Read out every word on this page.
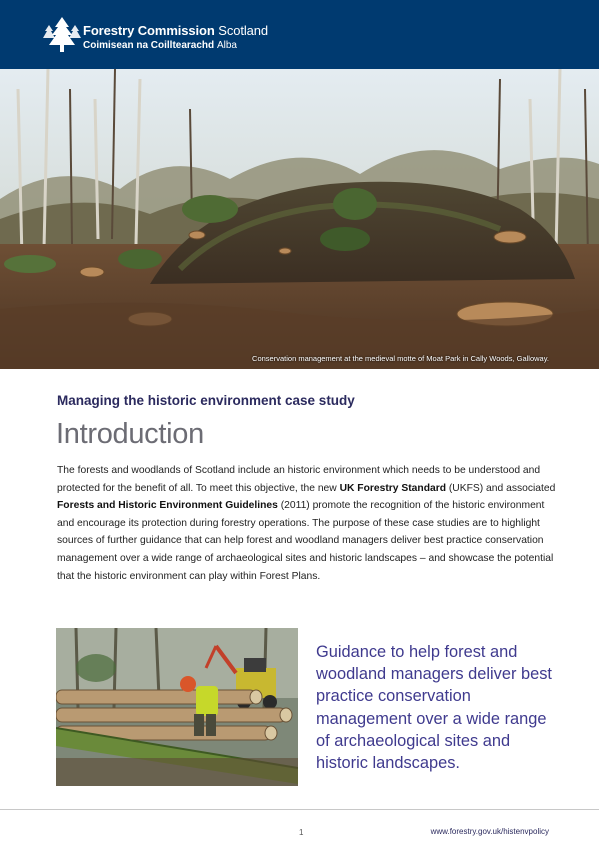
Forestry Commission Scotland
Coimisean na Coilltearachd Alba
Conservation management at the medieval motte of Moat Park in Cally Woods, Galloway.
Managing the historic environment case study
Introduction

The forests and woodlands of Scotland include an historic environment which needs to be understood and protected for the benefit of all. To meet this objective, the new UK Forestry Standard (UKFS) and associated Forests and Historic Environment Guidelines (2011) promote the recognition of the historic environment and encourage its protection during forestry operations. The purpose of these case studies are to highlight sources of further guidance that can help forest and woodland managers deliver best practice conservation management over a wide range of archaeological sites and historic landscapes – and showcase the potential that the historic environment can play within Forest Plans.

Guidance to help forest and woodland managers deliver best practice conservation management over a wide range of archaeological sites and historic landscapes.
1	www.forestry.gov.uk/histenvpolicy
